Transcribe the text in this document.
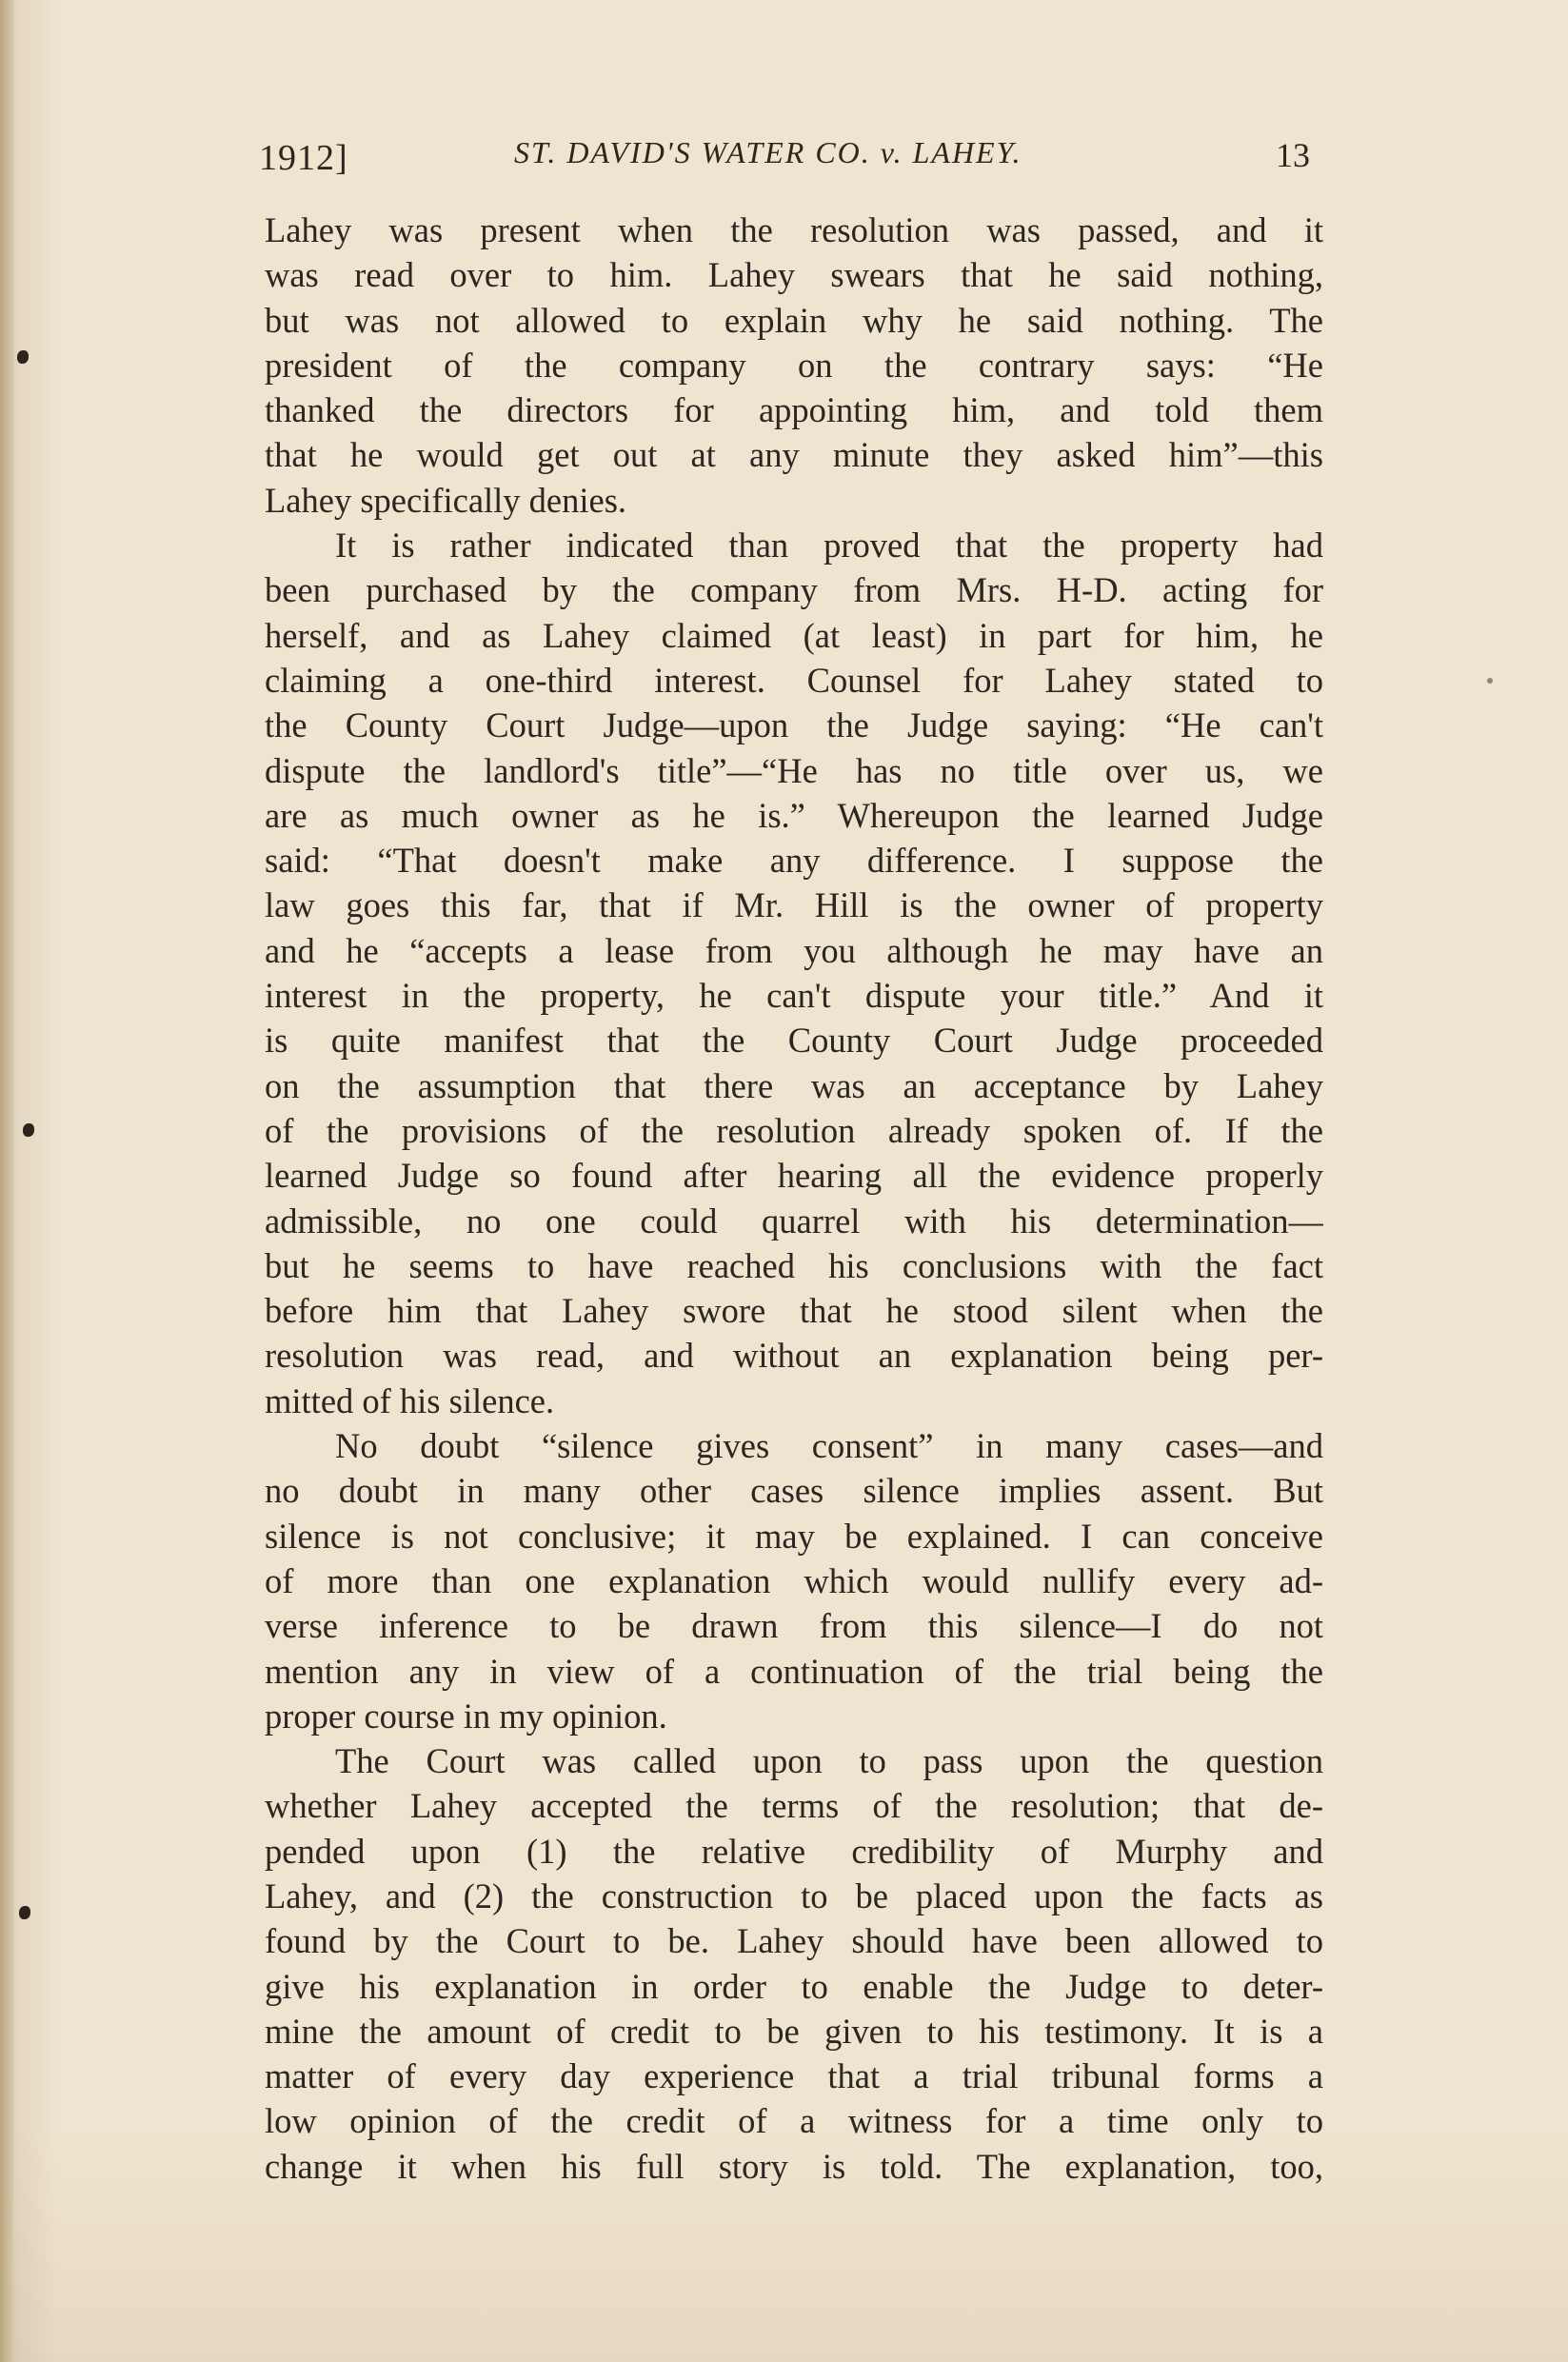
1912]	ST. DAVID'S WATER CO. v. LAHEY.	13
Lahey was present when the resolution was passed, and it
was read over to him. Lahey swears that he said nothing,
but was not allowed to explain why he said nothing. The
president of the company on the contrary says: “He
thanked the directors for appointing him, and told them
that he would get out at any minute they asked him”—this
Lahey specifically denies.
It is rather indicated than proved that the property had
been purchased by the company from Mrs. H-D. acting for
herself, and as Lahey claimed (at least) in part for him, he
claiming a one-third interest. Counsel for Lahey stated to
the County Court Judge—upon the Judge saying: “He can't
dispute the landlord's title”—“He has no title over us, we
are as much owner as he is.” Whereupon the learned Judge
said: “That doesn't make any difference. I suppose the
law goes this far, that if Mr. Hill is the owner of property
and he “accepts a lease from you although he may have an
interest in the property, he can't dispute your title.” And it
is quite manifest that the County Court Judge proceeded
on the assumption that there was an acceptance by Lahey
of the provisions of the resolution already spoken of. If the
learned Judge so found after hearing all the evidence properly
admissible, no one could quarrel with his determination—
but he seems to have reached his conclusions with the fact
before him that Lahey swore that he stood silent when the
resolution was read, and without an explanation being per-
mitted of his silence.
No doubt “silence gives consent” in many cases—and
no doubt in many other cases silence implies assent. But
silence is not conclusive; it may be explained. I can conceive
of more than one explanation which would nullify every ad-
verse inference to be drawn from this silence—I do not
mention any in view of a continuation of the trial being the
proper course in my opinion.
The Court was called upon to pass upon the question
whether Lahey accepted the terms of the resolution; that de-
pended upon (1) the relative credibility of Murphy and
Lahey, and (2) the construction to be placed upon the facts as
found by the Court to be. Lahey should have been allowed to
give his explanation in order to enable the Judge to deter-
mine the amount of credit to be given to his testimony. It is a
matter of every day experience that a trial tribunal forms a
low opinion of the credit of a witness for a time only to
change it when his full story is told. The explanation, too,
